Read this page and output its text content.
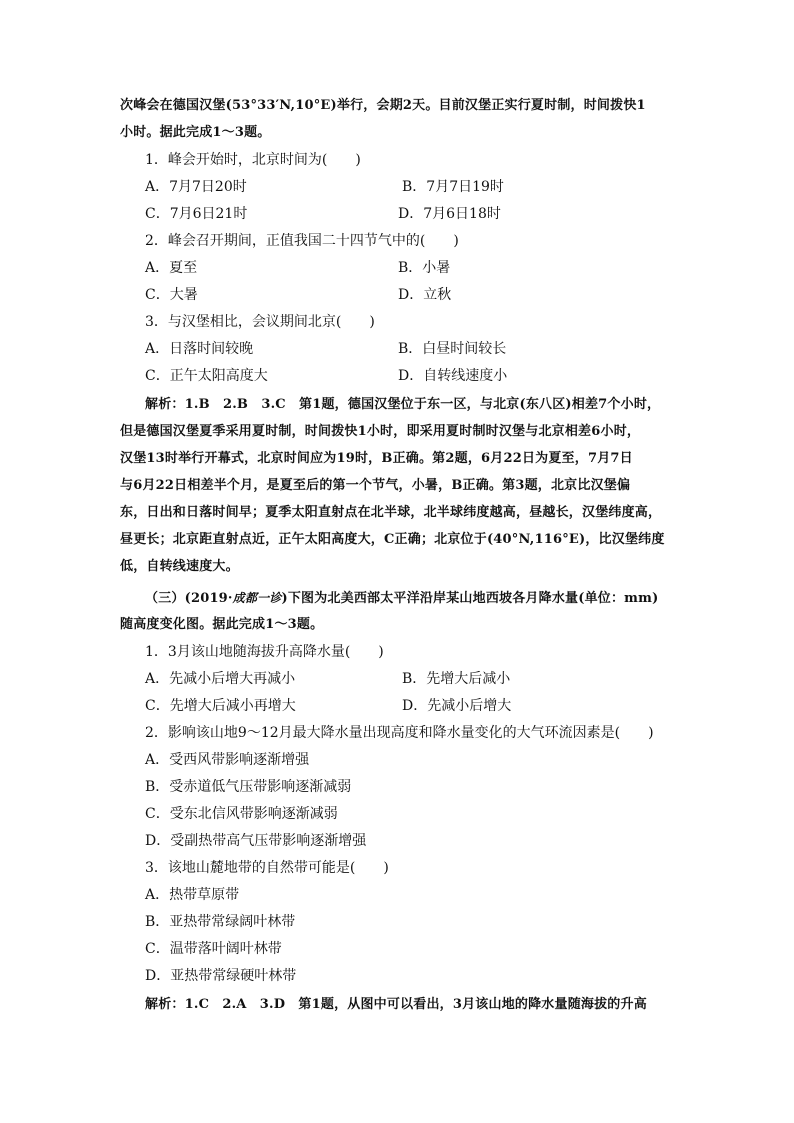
次峰会在德国汉堡(53°33′N,10°E)举行，会期2天。目前汉堡正实行夏时制，时间拨快1
小时。据此完成1～3题。
1．峰会开始时，北京时间为(　　)
A．7月7日20时	B．7月7日19时
C．7月6日21时	D．7月6日18时
2．峰会召开期间，正值我国二十四节气中的(　　)
A．夏至	B．小暑
C．大暑	D．立秋
3．与汉堡相比，会议期间北京(　　)
A．日落时间较晚	B．白昼时间较长
C．正午太阳高度大	D．自转线速度小
解析：1.B　2.B　3.C　第1题，德国汉堡位于东一区，与北京(东八区)相差7个小时，
但是德国汉堡夏季采用夏时制，时间拨快1小时，即采用夏时制时汉堡与北京相差6小时，
汉堡13时举行开幕式，北京时间应为19时，B正确。第2题，6月22日为夏至，7月7日
与6月22日相差半个月，是夏至后的第一个节气，小暑，B正确。第3题，北京比汉堡偏
东，日出和日落时间早；夏季太阳直射点在北半球，北半球纬度越高，昼越长，汉堡纬度高，
昼更长；北京距直射点近，正午太阳高度大，C正确；北京位于(40°N,116°E)，比汉堡纬度
低，自转线速度大。
（三）(2019·成都一诊)下图为北美西部太平洋沿岸某山地西坡各月降水量(单位：mm)
随高度变化图。据此完成1～3题。
1．3月该山地随海拔升高降水量(　　)
A．先减小后增大再减小	B．先增大后减小
C．先增大后减小再增大	D．先减小后增大
2．影响该山地9～12月最大降水量出现高度和降水量变化的大气环流因素是(　　)
A．受西风带影响逐渐增强
B．受赤道低气压带影响逐渐减弱
C．受东北信风带影响逐渐减弱
D．受副热带高气压带影响逐渐增强
3．该地山麓地带的自然带可能是(　　)
A．热带草原带
B．亚热带常绿阔叶林带
C．温带落叶阔叶林带
D．亚热带常绿硬叶林带
解析：1.C　2.A　3.D　第1题，从图中可以看出，3月该山地的降水量随海拔的升高
